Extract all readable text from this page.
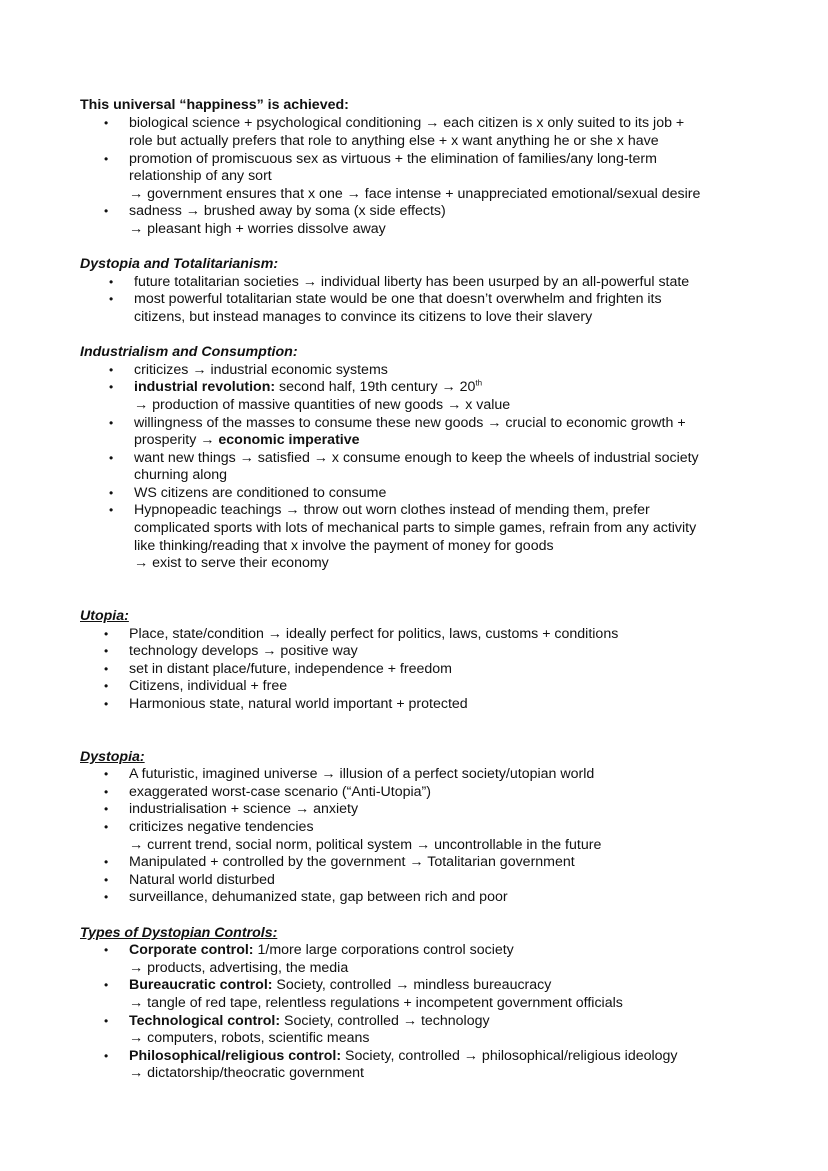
This universal “happiness” is achieved:
• biological science + psychological conditioning → each citizen is x only suited to its job +
role but actually prefers that role to anything else + x want anything he or she x have
• promotion of promiscuous sex as virtuous + the elimination of families/any long-term
relationship of any sort
→ government ensures that x one → face intense + unappreciated emotional/sexual desire
• sadness → brushed away by soma (x side effects)
→ pleasant high + worries dissolve away
Dystopia and Totalitarianism:
• future totalitarian societies → individual liberty has been usurped by an all-powerful state
• most powerful totalitarian state would be one that doesn’t overwhelm and frighten its
citizens, but instead manages to convince its citizens to love their slavery
Industrialism and Consumption:
• criticizes → industrial economic systems
• industrial revolution: second half, 19th century → 20th
→ production of massive quantities of new goods → x value
• willingness of the masses to consume these new goods → crucial to economic growth +
prosperity → economic imperative
• want new things → satisfied → x consume enough to keep the wheels of industrial society
churning along
• WS citizens are conditioned to consume
• Hypnopeadic teachings → throw out worn clothes instead of mending them, prefer
complicated sports with lots of mechanical parts to simple games, refrain from any activity
like thinking/reading that x involve the payment of money for goods
→ exist to serve their economy
Utopia:
• Place, state/condition → ideally perfect for politics, laws, customs + conditions
• technology develops → positive way
• set in distant place/future, independence + freedom
• Citizens, individual + free
• Harmonious state, natural world important + protected
Dystopia:
• A futuristic, imagined universe → illusion of a perfect society/utopian world
• exaggerated worst-case scenario (“Anti-Utopia”)
• industrialisation + science → anxiety
• criticizes negative tendencies
→ current trend, social norm, political system → uncontrollable in the future
• Manipulated + controlled by the government → Totalitarian government
• Natural world disturbed
• surveillance, dehumanized state, gap between rich and poor
Types of Dystopian Controls:
• Corporate control: 1/more large corporations control society
→ products, advertising, the media
• Bureaucratic control: Society, controlled → mindless bureaucracy
→ tangle of red tape, relentless regulations + incompetent government officials
• Technological control: Society, controlled → technology
→ computers, robots, scientific means
• Philosophical/religious control: Society, controlled → philosophical/religious ideology
→ dictatorship/theocratic government
